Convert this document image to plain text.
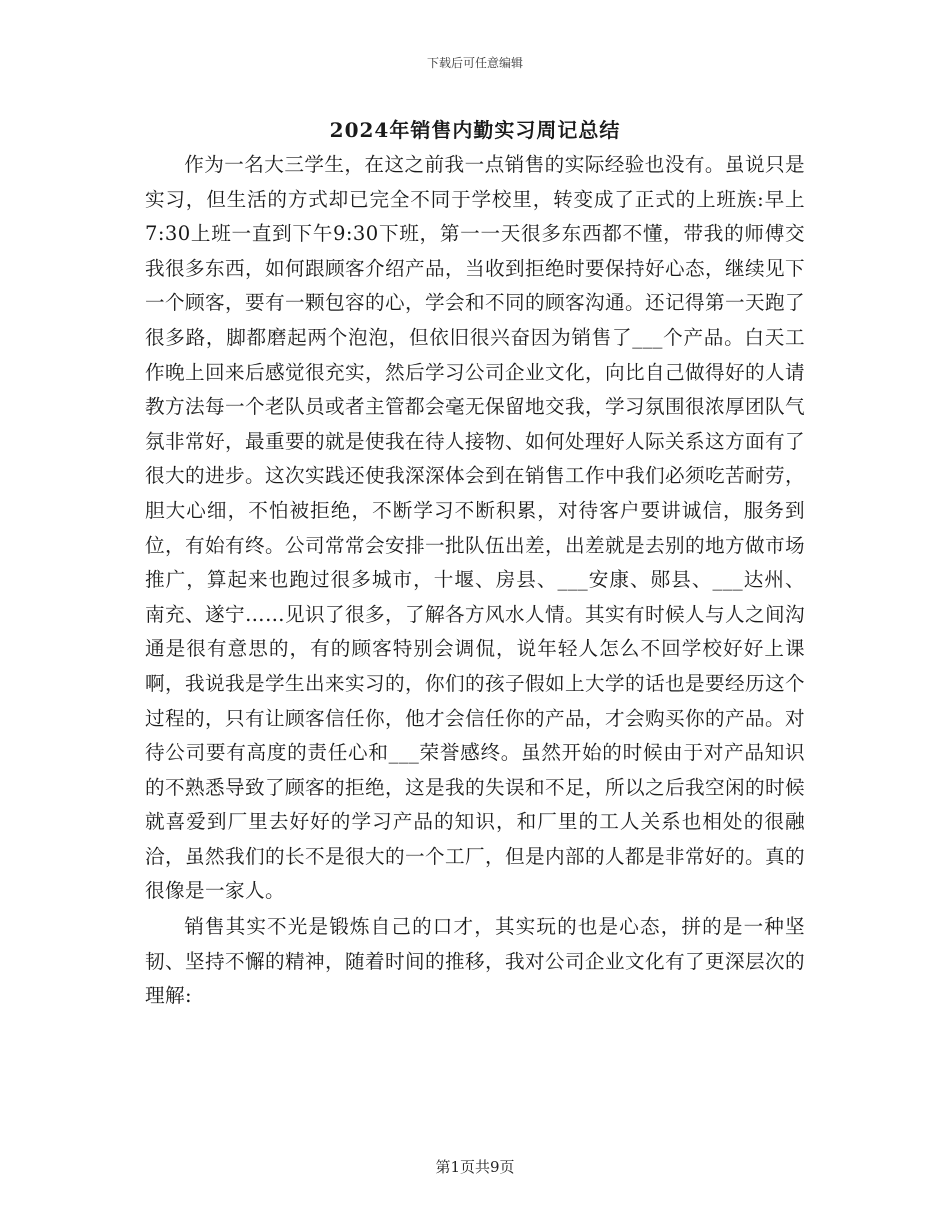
下载后可任意编辑
2024年销售内勤实习周记总结

作为一名大三学生，在这之前我一点销售的实际经验也没有。虽说只是实习，但生活的方式却已完全不同于学校里，转变成了正式的上班族:早上7:30上班一直到下午9:30下班，第一一天很多东西都不懂，带我的师傅交我很多东西，如何跟顾客介绍产品，当收到拒绝时要保持好心态，继续见下一个顾客，要有一颗包容的心，学会和不同的顾客沟通。还记得第一天跑了很多路，脚都磨起两个泡泡，但依旧很兴奋因为销售了___个产品。白天工作晚上回来后感觉很充实，然后学习公司企业文化，向比自己做得好的人请教方法每一个老队员或者主管都会毫无保留地交我，学习氛围很浓厚团队气氛非常好，最重要的就是使我在待人接物、如何处理好人际关系这方面有了很大的进步。这次实践还使我深深体会到在销售工作中我们必须吃苦耐劳，胆大心细，不怕被拒绝，不断学习不断积累，对待客户要讲诚信，服务到位，有始有终。公司常常会安排一批队伍出差，出差就是去别的地方做市场推广，算起来也跑过很多城市，十堰、房县、___安康、郧县、___达州、南充、遂宁……见识了很多，了解各方风水人情。其实有时候人与人之间沟通是很有意思的，有的顾客特别会调侃，说年轻人怎么不回学校好好上课啊，我说我是学生出来实习的，你们的孩子假如上大学的话也是要经历这个过程的，只有让顾客信任你，他才会信任你的产品，才会购买你的产品。对待公司要有高度的责任心和___荣誉感终。虽然开始的时候由于对产品知识的不熟悉导致了顾客的拒绝，这是我的失误和不足，所以之后我空闲的时候就喜爱到厂里去好好的学习产品的知识，和厂里的工人关系也相处的很融洽，虽然我们的长不是很大的一个工厂，但是内部的人都是非常好的。真的很像是一家人。

销售其实不光是锻炼自己的口才，其实玩的也是心态，拼的是一种坚韧、坚持不懈的精神，随着时间的推移，我对公司企业文化有了更深层次的理解:

第1页共9页
